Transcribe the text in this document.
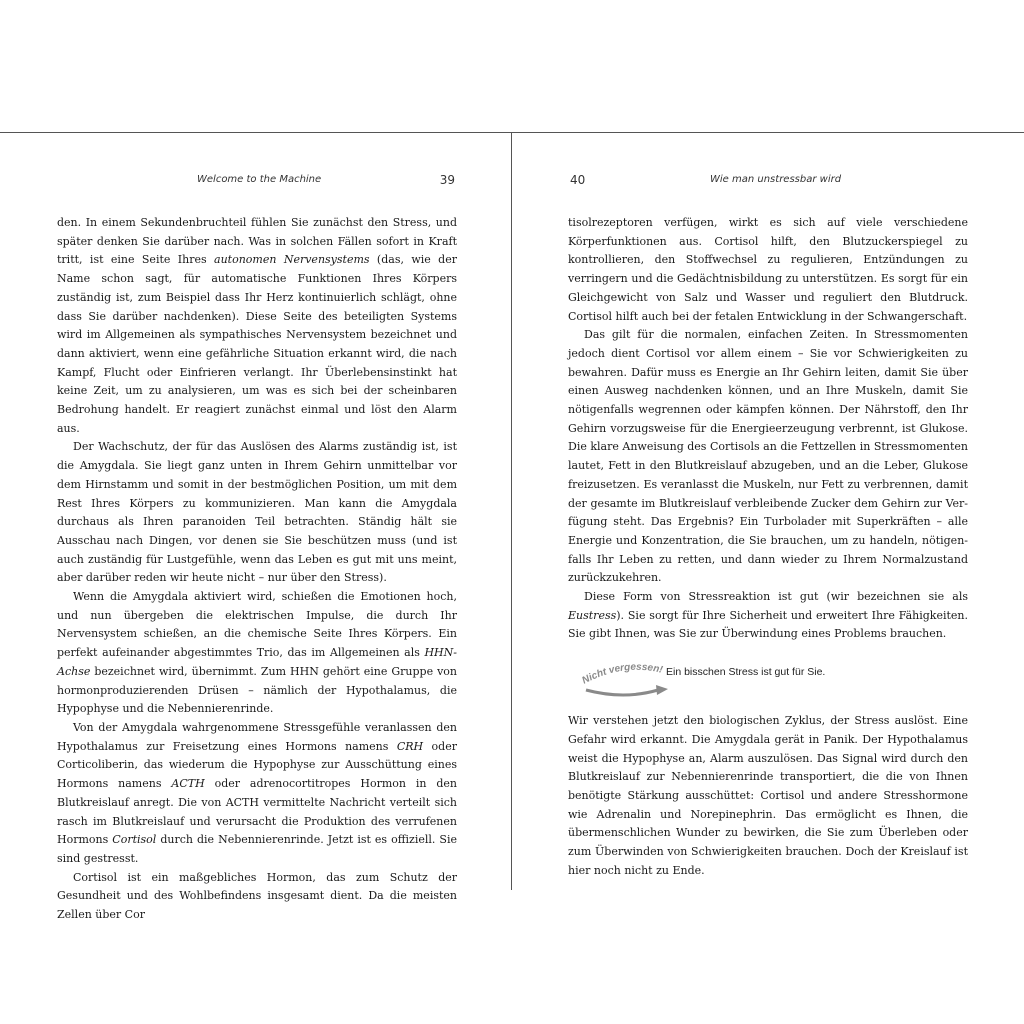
Welcome to the Machine	39

den. In einem Sekundenbruchteil fühlen Sie zunächst den Stress, und später denken Sie darüber nach. Was in solchen Fällen sofort in Kraft tritt, ist eine Seite Ihres autonomen Nervensystems (das, wie der Name schon sagt, für automatische Funktionen Ihres Körpers zuständig ist, zum Beispiel dass Ihr Herz kontinuierlich schlägt, ohne dass Sie darüber nachdenken). Diese Seite des beteiligten Systems wird im Allgemeinen als sympathisches Nervensystem bezeichnet und dann aktiviert, wenn eine gefährliche Situation erkannt wird, die nach Kampf, Flucht oder Einfrieren verlangt. Ihr Überlebensinstinkt hat keine Zeit, um zu analysieren, um was es sich bei der scheinbaren Bedrohung handelt. Er reagiert zunächst einmal und löst den Alarm aus.

Der Wachschutz, der für das Auslösen des Alarms zuständig ist, ist die Amygdala. Sie liegt ganz unten in Ihrem Gehirn unmittelbar vor dem Hirnstamm und somit in der bestmöglichen Position, um mit dem Rest Ihres Körpers zu kommunizieren. Man kann die Amygdala durchaus als Ihren paranoiden Teil betrachten. Ständig hält sie Ausschau nach Dingen, vor denen sie Sie beschützen muss (und ist auch zuständig für Lustgefühle, wenn das Leben es gut mit uns meint, aber darüber reden wir heute nicht – nur über den Stress).

Wenn die Amygdala aktiviert wird, schießen die Emotionen hoch, und nun übergeben die elektrischen Impulse, die durch Ihr Nervensystem schießen, an die chemische Seite Ihres Körpers. Ein perfekt aufeinander abgestimmtes Trio, das im Allgemeinen als HHN-Achse bezeichnet wird, übernimmt. Zum HHN gehört eine Gruppe von hormonproduzierenden Drüsen – nämlich der Hypothalamus, die Hypophyse und die Nebennierenrinde.

Von der Amygdala wahrgenommene Stressgefühle veranlassen den Hypothalamus zur Freisetzung eines Hormons namens CRH oder Corticoliberin, das wiederum die Hypophyse zur Ausschüttung eines Hormons namens ACTH oder adrenocortitropes Hormon in den Blutkreislauf anregt. Die von ACTH vermittelte Nachricht verteilt sich rasch im Blutkreislauf und verursacht die Produktion des verrufenen Hormons Cortisol durch die Nebennierenrinde. Jetzt ist es offiziell. Sie sind gestresst.

Cortisol ist ein maßgebliches Hormon, das zum Schutz der Gesundheit und des Wohlbefindens insgesamt dient. Da die meisten Zellen über Cor

40	Wie man unstressbar wird

tisolrezeptoren verfügen, wirkt es sich auf viele verschiedene Körperfunktionen aus. Cortisol hilft, den Blutzuckerspiegel zu kontrollieren, den Stoffwechsel zu regulieren, Entzündungen zu verringern und die Gedächtnisbildung zu unterstützen. Es sorgt für ein Gleichgewicht von Salz und Wasser und reguliert den Blutdruck. Cortisol hilft auch bei der fetalen Entwicklung in der Schwangerschaft.

Das gilt für die normalen, einfachen Zeiten. In Stressmomenten jedoch dient Cortisol vor allem einem – Sie vor Schwierigkeiten zu bewahren. Dafür muss es Energie an Ihr Gehirn leiten, damit Sie über einen Ausweg nachdenken können, und an Ihre Muskeln, damit Sie nötigenfalls wegrennen oder kämpfen können. Der Nährstoff, den Ihr Gehirn vorzugsweise für die Energieerzeugung verbrennt, ist Glukose. Die klare Anweisung des Cortisols an die Fettzellen in Stressmomenten lautet, Fett in den Blutkreislauf abzugeben, und an die Leber, Glukose freizusetzen. Es veranlasst die Muskeln, nur Fett zu verbrennen, damit der gesamte im Blutkreislauf verbleibende Zucker dem Gehirn zur Verfügung steht. Das Ergebnis? Ein Turbolader mit Superkräften – alle Energie und Konzentration, die Sie brauchen, um zu handeln, nötigenfalls Ihr Leben zu retten, und dann wieder zu Ihrem Normalzustand zurückzukehren.

Diese Form von Stressreaktion ist gut (wir bezeichnen sie als Eustress). Sie sorgt für Ihre Sicherheit und erweitert Ihre Fähigkeiten. Sie gibt Ihnen, was Sie zur Überwindung eines Problems brauchen.

Nicht vergessen! Ein bisschen Stress ist gut für Sie.

Wir verstehen jetzt den biologischen Zyklus, der Stress auslöst. Eine Gefahr wird erkannt. Die Amygdala gerät in Panik. Der Hypothalamus weist die Hypophyse an, Alarm auszulösen. Das Signal wird durch den Blutkreislauf zur Nebennierenrinde transportiert, die die von Ihnen benötigte Stärkung ausschüttet: Cortisol und andere Stresshormone wie Adrenalin und Norepinephrin. Das ermöglicht es Ihnen, die übermenschlichen Wunder zu bewirken, die Sie zum Überleben oder zum Überwinden von Schwierigkeiten brauchen. Doch der Kreislauf ist hier noch nicht zu Ende.
